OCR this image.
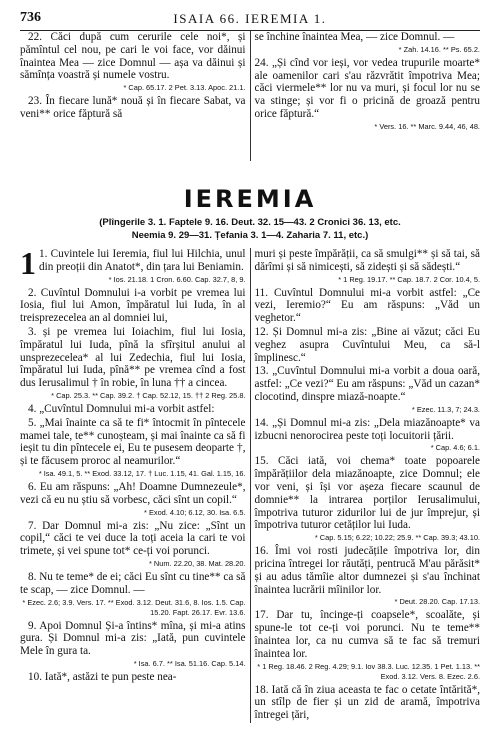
736	ISAIA 66. IEREMIA 1.
22. Căci după cum cerurile cele noi*, și pămîntul cel nou, pe cari le voi face, vor dăinui înaintea Mea — zice Domnul — așa va dăinui și sămînța voastră și numele vostru.
* Cap. 65.17. 2 Pet. 3.13. Apoc. 21.1.
23. În fiecare lună* nouă și în fiecare Sabat, va veni** orice făptură să
se închine înaintea Mea, — zice Domnul. —
* Zah. 14.16. ** Ps. 65.2.
24. „Și cînd vor ieși, vor vedea trupurile moarte* ale oamenilor cari s'au răzvrătit împotriva Mea; căci viermele** lor nu va muri, și focul lor nu se va stinge; și vor fi o pricină de groază pentru orice făptură.“
* Vers. 16. ** Marc. 9.44, 46, 48.
IEREMIA
(Plîngerile 3. 1. Faptele 9. 16. Deut. 32. 15—43. 2 Cronici 36. 13, etc.
Neemia 9. 29—31. Țefania 3. 1—4. Zaharia 7. 11, etc.)
1 1. Cuvintele lui Ieremia, fiul lui Hilchia, unul din preoții din Anatot*, din țara lui Beniamin.
* Ios. 21.18. 1 Cron. 6.60. Cap. 32.7, 8, 9.
2. Cuvîntul Domnului i-a vorbit pe vremea lui Iosia, fiul lui Amon, împăratul lui Iuda, în al treisprezecelea an al domniei lui,
3. și pe vremea lui Ioiachim, fiul lui Iosia, împăratul lui Iuda, pînă la sfîrșitul anului al unsprezecelea* al lui Zedechia, fiul lui Iosia, împăratul lui Iuda, pînă** pe vremea cînd a fost dus Ierusalimul † în robie, în luna †† a cincea.
* Cap. 25.3. ** Cap. 39.2. † Cap. 52.12, 15. †† 2 Reg. 25.8.
4. „Cuvîntul Domnului mi-a vorbit astfel:
5. „Mai înainte ca să te fi* întocmit în pîntecele mamei tale, te** cunoșteam, și mai înainte ca să fi ieșit tu din pîntecele ei, Eu te pusesem deoparte †, și te făcusem proroc al neamurilor.“
* Isa. 49.1, 5. ** Exod. 33.12, 17. † Luc. 1.15, 41. Gal. 1.15, 16.
6. Eu am răspuns: „Ah! Doamne Dumnezeule*, vezi că eu nu știu să vorbesc, căci sînt un copil.“
* Exod. 4.10; 6.12, 30. Isa. 6.5.
7. Dar Domnul mi-a zis: „Nu zice: „Sînt un copil,“ căci te vei duce la toți aceia la cari te voi trimete, și vei spune tot* ce-ți voi porunci.
* Num. 22.20, 38. Mat. 28.20.
8. Nu te teme* de ei; căci Eu sînt cu tine** ca să te scap, — zice Domnul. —
* Ezec. 2.6; 3.9. Vers. 17. ** Exod. 3.12. Deut. 31.6, 8. Ios. 1.5. Cap. 15.20. Fapt. 26.17. Evr. 13.6.
9. Apoi Domnul Și-a întins* mîna, și mi-a atins gura. Și Domnul mi-a zis: „Iată, pun cuvintele Mele în gura ta.
* Isa. 6.7. ** Isa. 51.16. Cap. 5.14.
10. Iată*, astăzi te pun peste nea-
muri și peste împărății, ca să smulgi** și să tai, să dărîmi și să nimicești, să zidești și să sădești.“
* 1 Reg. 19.17. ** Cap. 18.7. 2 Cor. 10.4, 5.
11. Cuvîntul Domnului mi-a vorbit astfel: „Ce vezi, Ieremio?“ Eu am răspuns: „Văd un veghetor.“
12. Și Domnul mi-a zis: „Bine ai văzut; căci Eu veghez asupra Cuvîntului Meu, ca să-l împlinesc.“
13. „Cuvîntul Domnului mi-a vorbit a doua oară, astfel: „Ce vezi?“ Eu am răspuns: „Văd un cazan* clocotind, dinspre miază-noapte.“
* Ezec. 11.3, 7; 24.3.
14. „Și Domnul mi-a zis: „Dela miazănoapte* va izbucni nenorocirea peste toți locuitorii țării.
* Cap. 4.6; 6.1.
15. Căci iată, voi chema* toate popoarele împărățiilor dela miazănoapte, zice Domnul; ele vor veni, și își vor așeza fiecare scaunul de domnie** la intrarea porților Ierusalimului, împotriva tuturor zidurilor lui de jur împrejur, și împotriva tuturor cetăților lui Iuda.
* Cap. 5.15; 6.22; 10.22; 25.9. ** Cap. 39.3; 43.10.
16. Îmi voi rosti judecățile împotriva lor, din pricina întregei lor răutăți, pentrucă M'au părăsit* și au adus tămîie altor dumnezei și s'au închinat înaintea lucrării mîinilor lor.
* Deut. 28.20. Cap. 17.13.
17. Dar tu, încinge-ți coapsele*, scoalăte, și spune-le tot ce-ți voi porunci. Nu te teme** înaintea lor, ca nu cumva să te fac să tremuri înaintea lor.
* 1 Reg. 18.46. 2 Reg. 4.29; 9.1. Iov 38.3. Luc. 12.35. 1 Pet. 1.13. ** Exod. 3.12. Vers. 8. Ezec. 2.6.
18. Iată că în ziua aceasta te fac o cetate întărită*, un stîlp de fier și un zid de aramă, împotriva întregei țări,
